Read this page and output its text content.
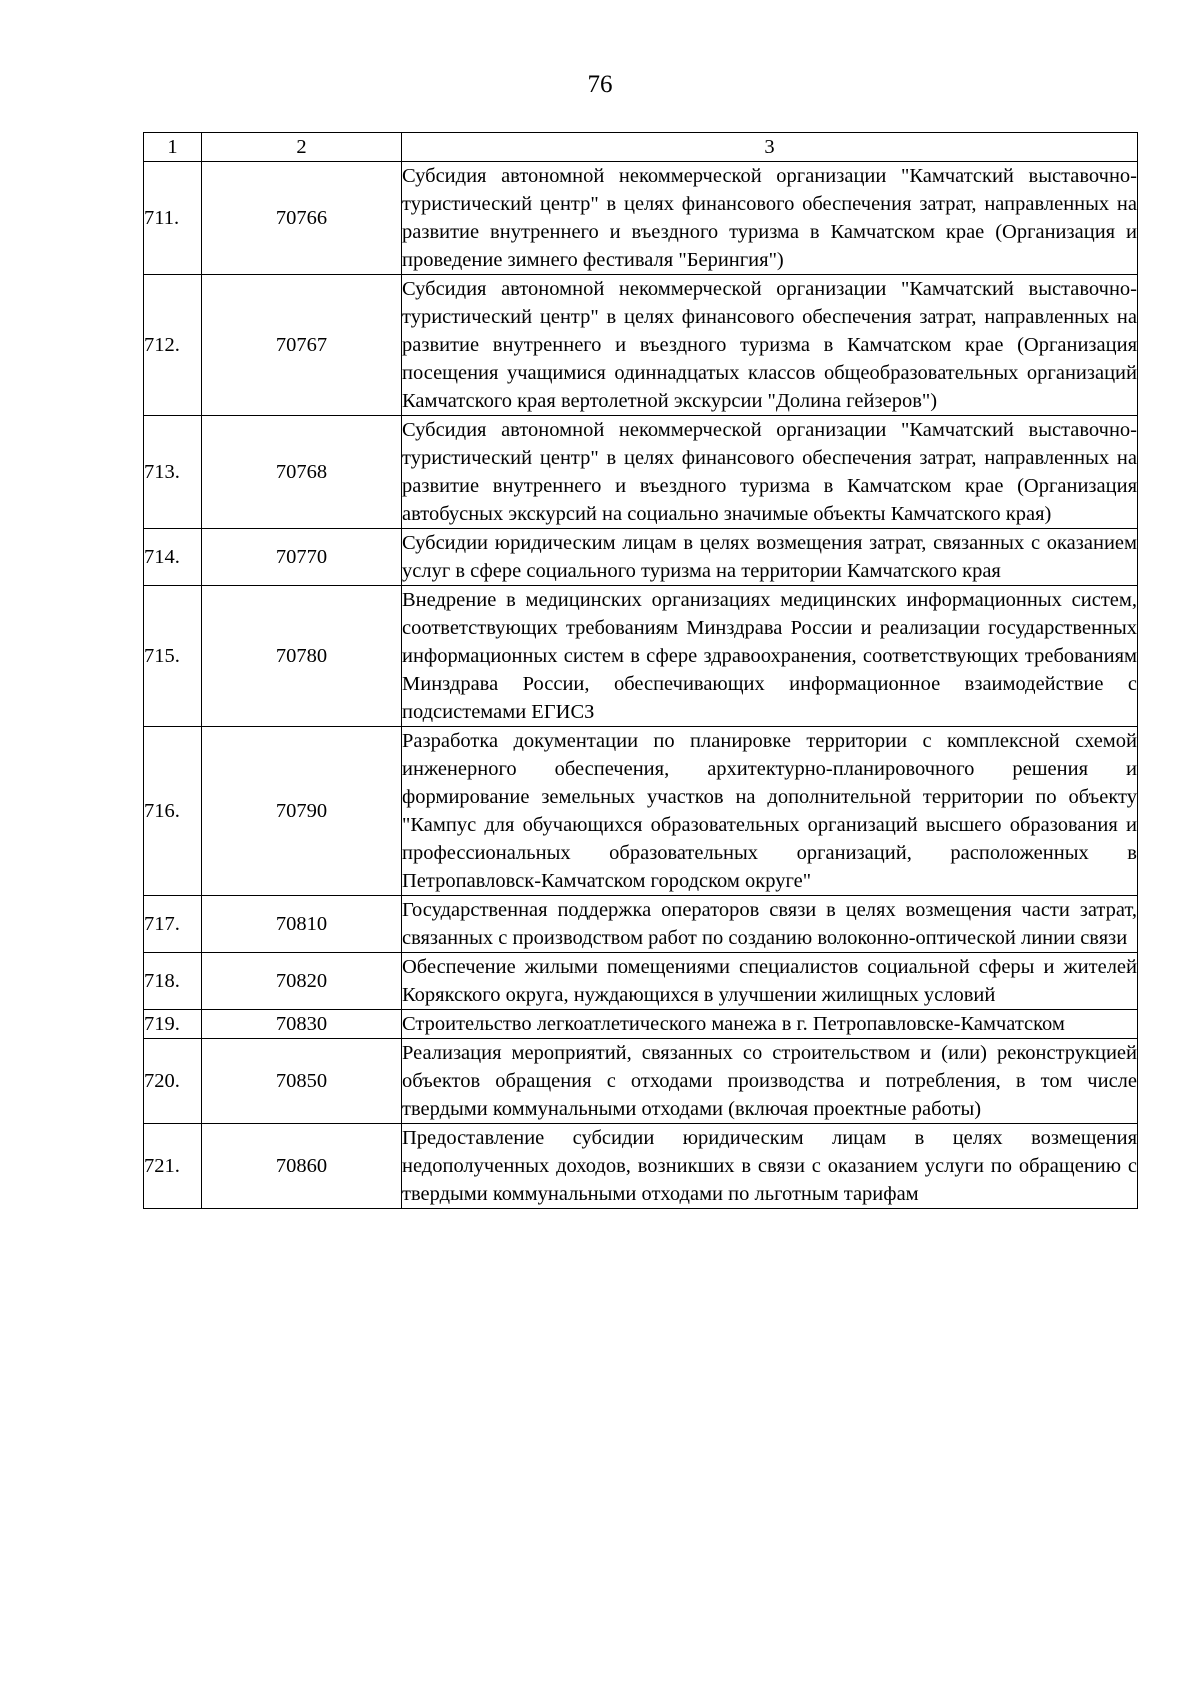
76
1	2	3
711.	70766	Субсидия автономной некоммерческой организации "Камчатский выставочно-туристический центр" в целях финансового обеспечения затрат, направленных на развитие внутреннего и въездного туризма в Камчатском крае (Организация и проведение зимнего фестиваля "Берингия")
712.	70767	Субсидия автономной некоммерческой организации "Камчатский выставочно-туристический центр" в целях финансового обеспечения затрат, направленных на развитие внутреннего и въездного туризма в Камчатском крае (Организация посещения учащимися одиннадцатых классов общеобразовательных организаций Камчатского края вертолетной экскурсии "Долина гейзеров")
713.	70768	Субсидия автономной некоммерческой организации "Камчатский выставочно-туристический центр" в целях финансового обеспечения затрат, направленных на развитие внутреннего и въездного туризма в Камчатском крае (Организация автобусных экскурсий на социально значимые объекты Камчатского края)
714.	70770	Субсидии юридическим лицам в целях возмещения затрат, связанных с оказанием услуг в сфере социального туризма на территории Камчатского края
715.	70780	Внедрение в медицинских организациях медицинских информационных систем, соответствующих требованиям Минздрава России и реализации государственных информационных систем в сфере здравоохранения, соответствующих требованиям Минздрава России, обеспечивающих информационное взаимодействие с подсистемами ЕГИСЗ
716.	70790	Разработка документации по планировке территории с комплексной схемой инженерного обеспечения, архитектурно-планировочного решения и формирование земельных участков на дополнительной территории по объекту "Кампус для обучающихся образовательных организаций высшего образования и профессиональных образовательных организаций, расположенных в Петропавловск-Камчатском городском округе"
717.	70810	Государственная поддержка операторов связи в целях возмещения части затрат, связанных с производством работ по созданию волоконно-оптической линии связи
718.	70820	Обеспечение жилыми помещениями специалистов социальной сферы и жителей Корякского округа, нуждающихся в улучшении жилищных условий
719.	70830	Строительство легкоатлетического манежа в г. Петропавловске-Камчатском
720.	70850	Реализация мероприятий, связанных со строительством и (или) реконструкцией объектов обращения с отходами производства и потребления, в том числе твердыми коммунальными отходами (включая проектные работы)
721.	70860	Предоставление субсидии юридическим лицам в целях возмещения недополученных доходов, возникших в связи с оказанием услуги по обращению с твердыми коммунальными отходами по льготным тарифам
